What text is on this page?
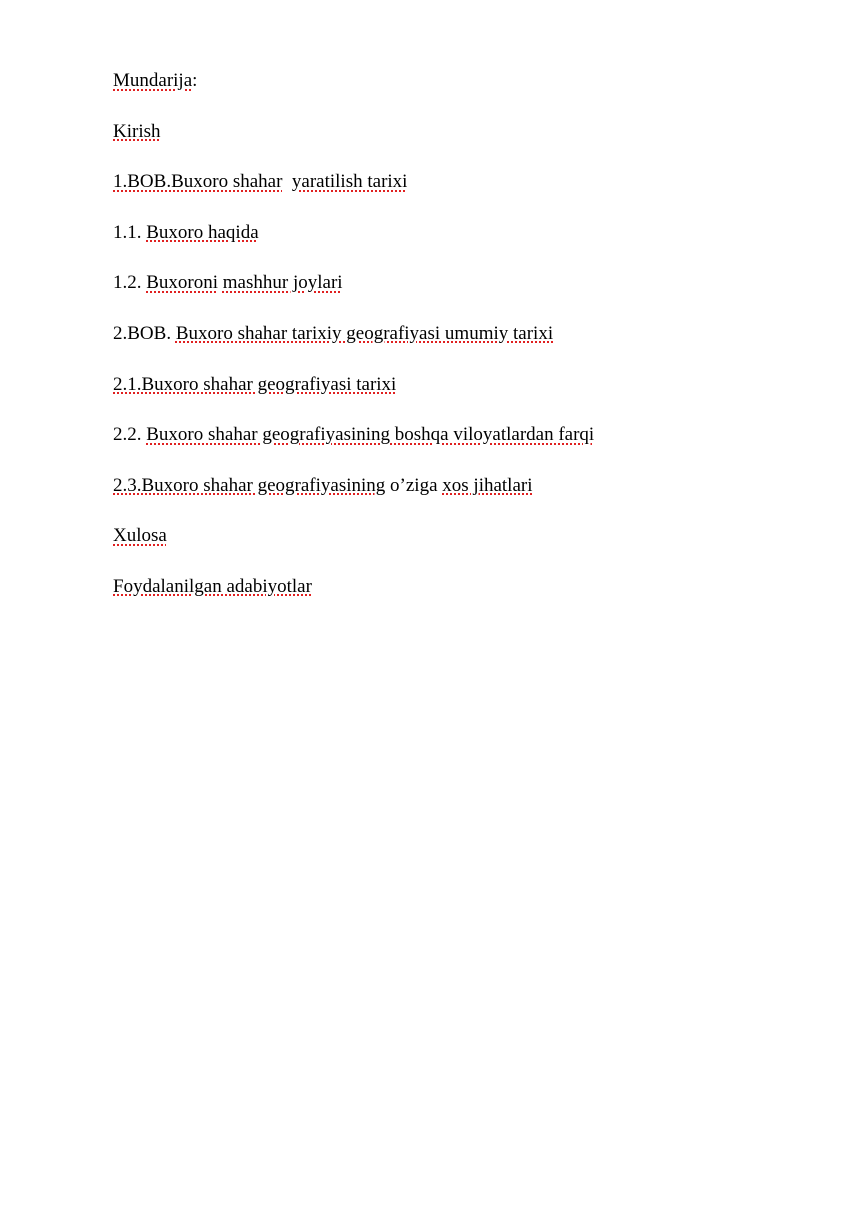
Mundarija:
Kirish
1.BOB.Buxoro shahar yaratilish tarixi
1.1. Buxoro haqida
1.2. Buxoroni mashhur joylari
2.BOB. Buxoro shahar tarixiy geografiyasi umumiy tarixi
2.1.Buxoro shahar geografiyasi tarixi
2.2. Buxoro shahar geografiyasining boshqa viloyatlardan farqi
2.3.Buxoro shahar geografiyasining o’ziga xos jihatlari
Xulosa
Foydalanilgan adabiyotlar
